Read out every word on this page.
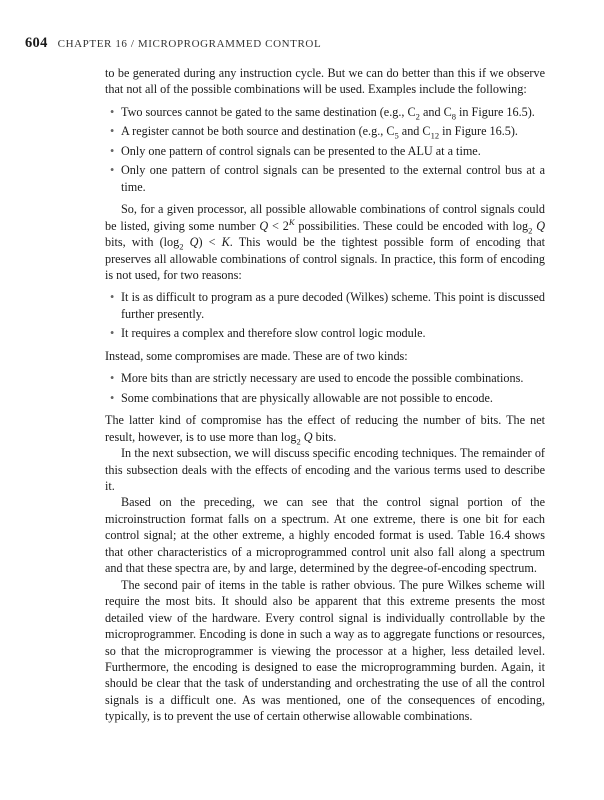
604 CHAPTER 16 / MICROPROGRAMMED CONTROL

to be generated during any instruction cycle. But we can do better than this if we observe that not all of the possible combinations will be used. Examples include the following:

• Two sources cannot be gated to the same destination (e.g., $C_2$ and $C_8$ in Figure 16.5).
• A register cannot be both source and destination (e.g., $C_5$ and $C_{12}$ in Figure 16.5).
• Only one pattern of control signals can be presented to the ALU at a time.
• Only one pattern of control signals can be presented to the external control bus at a time.

So, for a given processor, all possible allowable combinations of control signals could be listed, giving some number $Q < 2^K$ possibilities. These could be encoded with $\log_2 Q$ bits, with ($\log_2$ Q) < K. This would be the tightest possible form of encoding that preserves all allowable combinations of control signals. In practice, this form of encoding is not used, for two reasons:

• It is as difficult to program as a pure decoded (Wilkes) scheme. This point is discussed further presently.
• It requires a complex and therefore slow control logic module.

Instead, some compromises are made. These are of two kinds:

• More bits than are strictly necessary are used to encode the possible combinations.
• Some combinations that are physically allowable are not possible to encode.

The latter kind of compromise has the effect of reducing the number of bits. The net result, however, is to use more than $\log_2 Q$ bits.

In the next subsection, we will discuss specific encoding techniques. The remainder of this subsection deals with the effects of encoding and the various terms used to describe it.

Based on the preceding, we can see that the control signal portion of the microinstruction format falls on a spectrum. At one extreme, there is one bit for each control signal; at the other extreme, a highly encoded format is used. Table 16.4 shows that other characteristics of a microprogrammed control unit also fall along a spectrum and that these spectra are, by and large, determined by the degree-of-encoding spectrum.

The second pair of items in the table is rather obvious. The pure Wilkes scheme will require the most bits. It should also be apparent that this extreme presents the most detailed view of the hardware. Every control signal is individually controllable by the microprogrammer. Encoding is done in such a way as to aggregate functions or resources, so that the microprogrammer is viewing the processor at a higher, less detailed level. Furthermore, the encoding is designed to ease the microprogramming burden. Again, it should be clear that the task of understanding and orchestrating the use of all the control signals is a difficult one. As was mentioned, one of the consequences of encoding, typically, is to prevent the use of certain otherwise allowable combinations.
